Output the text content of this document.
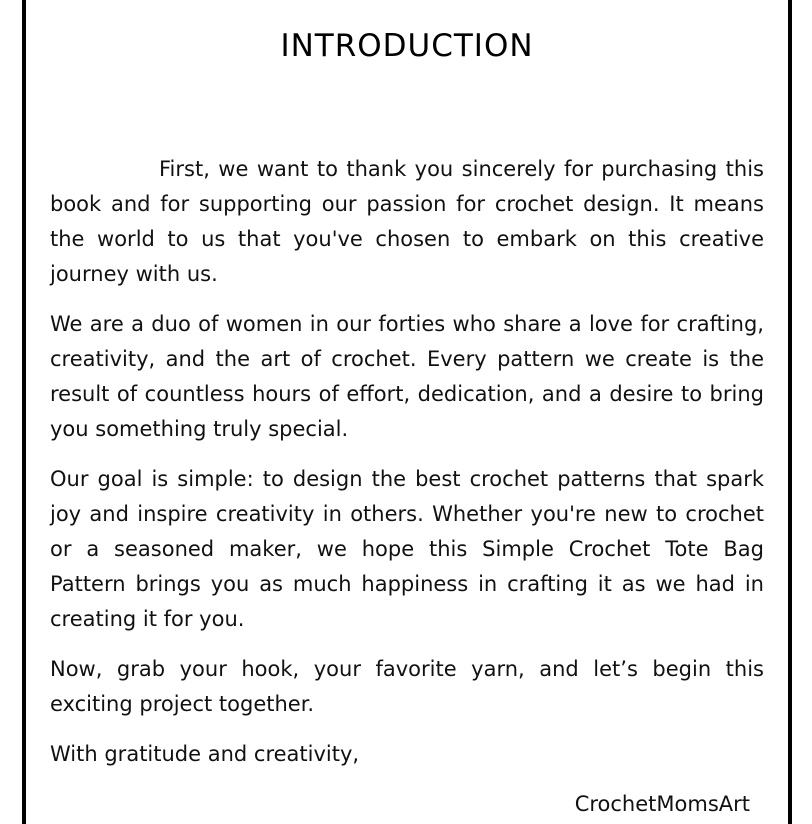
INTRODUCTION

First, we want to thank you sincerely for purchasing this book and for supporting our passion for crochet design. It means the world to us that you've chosen to embark on this creative journey with us.

We are a duo of women in our forties who share a love for crafting, creativity, and the art of crochet. Every pattern we create is the result of countless hours of effort, dedication, and a desire to bring you something truly special.

Our goal is simple: to design the best crochet patterns that spark joy and inspire creativity in others. Whether you're new to crochet or a seasoned maker, we hope this Simple Crochet Tote Bag Pattern brings you as much happiness in crafting it as we had in creating it for you.

Now, grab your hook, your favorite yarn, and let’s begin this exciting project together.

With gratitude and creativity,

CrochetMomsArt
